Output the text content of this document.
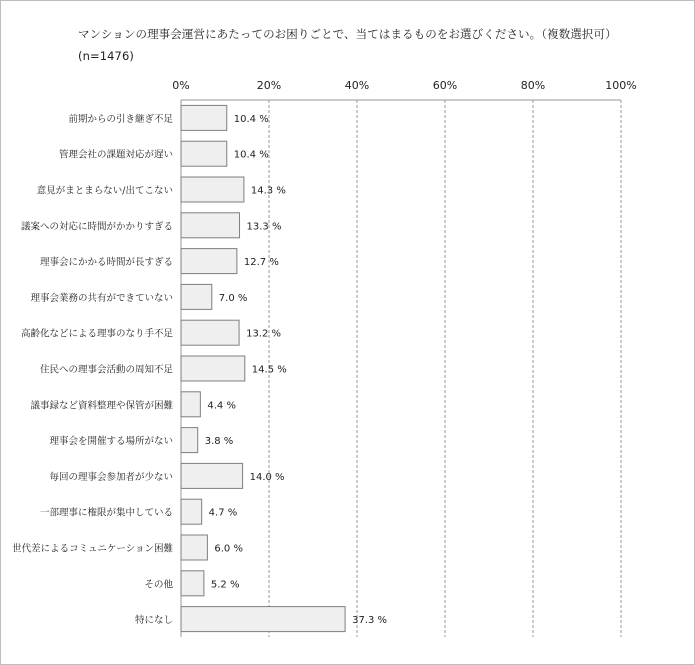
マンションの理事会運営にあたってのお困りごとで、当てはまるものをお選びください。（複数選択可）
(n=1476)
0%	20%	40%	60%	80%	100%
前期からの引き継ぎ不足	10.4 %
管理会社の課題対応が遅い	10.4 %
意見がまとまらない/出てこない	14.3 %
議案への対応に時間がかかりすぎる	13.3 %
理事会にかかる時間が長すぎる	12.7 %
理事会業務の共有ができていない	7.0 %
高齢化などによる理事のなり手不足	13.2 %
住民への理事会活動の周知不足	14.5 %
議事録など資料整理や保管が困難	4.4 %
理事会を開催する場所がない	3.8 %
毎回の理事会参加者が少ない	14.0 %
一部理事に権限が集中している	4.7 %
世代差によるコミュニケーション困難	6.0 %
その他	5.2 %
特になし	37.3 %
